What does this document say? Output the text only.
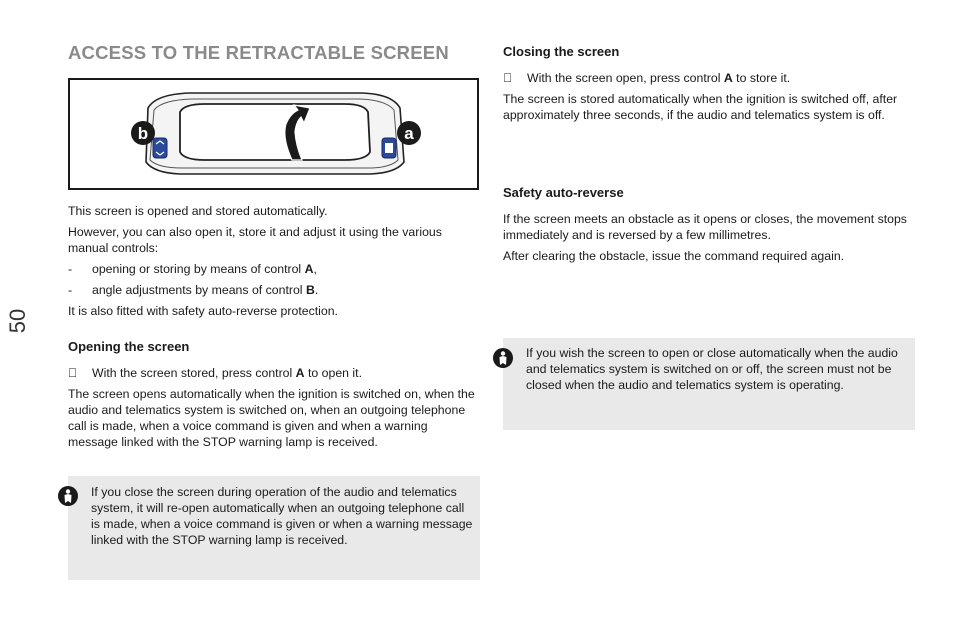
50
ACCESS TO THE RETRACTABLE SCREEN
b	a

This screen is opened and stored automatically.

However, you can also open it, store it and adjust it using the various manual controls:

-	opening or storing by means of control A,
-	angle adjustments by means of control B.

It is also fitted with safety auto-reverse protection.

Opening the screen

With the screen stored, press control A to open it.

The screen opens automatically when the ignition is switched on, when the audio and telematics system is switched on, when an outgoing telephone call is made, when a voice command is given and when a warning message linked with the STOP warning lamp is received.

If you close the screen during operation of the audio and telematics system, it will re-open automatically when an outgoing telephone call is made, when a voice command is given or when a warning message linked with the STOP warning lamp is received.

Closing the screen

With the screen open, press control A to store it.

The screen is stored automatically when the ignition is switched off, after approximately three seconds, if the audio and telematics system is off.

Safety auto-reverse

If the screen meets an obstacle as it opens or closes, the movement stops immediately and is reversed by a few millimetres.

After clearing the obstacle, issue the command required again.

If you wish the screen to open or close automatically when the audio and telematics system is switched on or off, the screen must not be closed when the audio and telematics system is operating.
